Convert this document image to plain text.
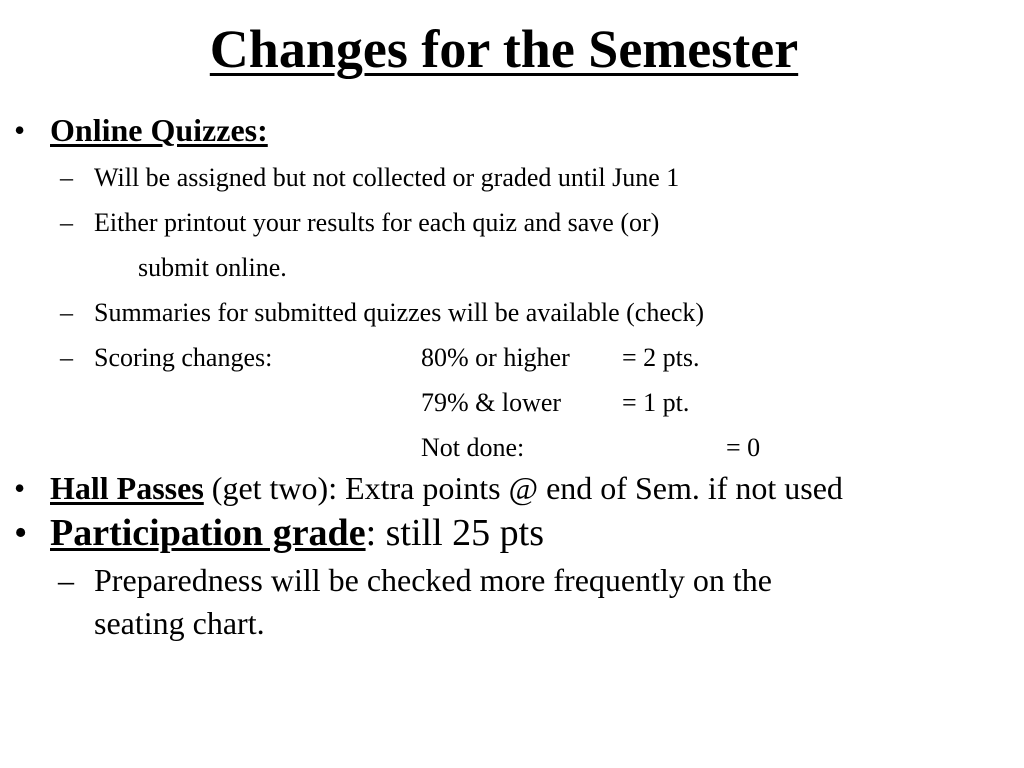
Changes for the Semester
• Online Quizzes:
– Will be assigned but not collected or graded until June 1
– Either printout your results for each quiz and save (or)
submit online.
– Summaries for submitted quizzes will be available (check)
– Scoring changes:	80% or higher = 2 pts.
79% & lower = 1 pt.
Not done:	= 0
• Hall Passes (get two): Extra points @ end of Sem. if not used
• Participation grade: still 25 pts
– Preparedness will be checked more frequently on the
seating chart.
